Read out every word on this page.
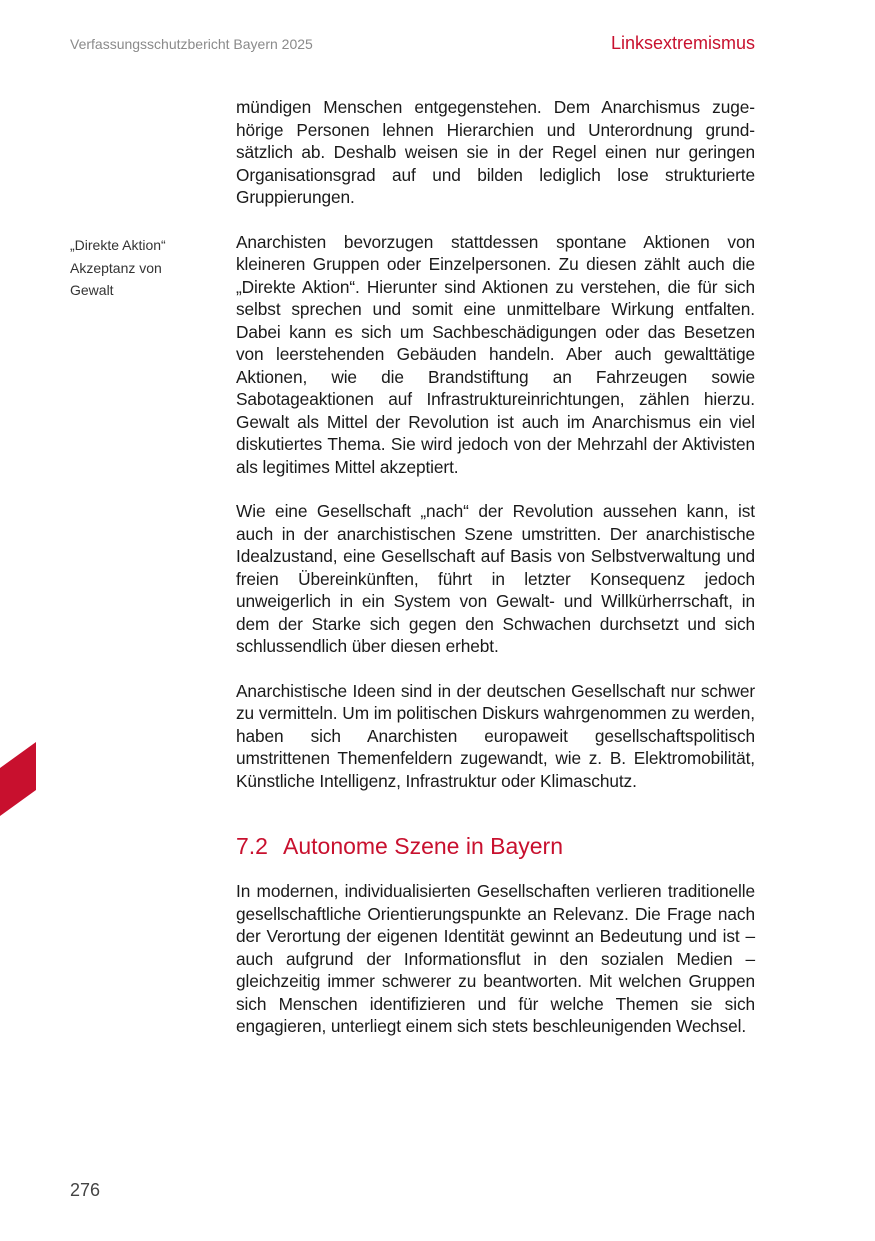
Verfassungsschutzbericht Bayern 2025	Linksextremismus
„Direkte Aktion“
Akzeptanz von
Gewalt

mündigen Menschen entgegenstehen. Dem Anarchismus zugehörige Personen lehnen Hierarchien und Unterordnung grundsätzlich ab. Deshalb weisen sie in der Regel einen nur geringen Organisationsgrad auf und bilden lediglich lose strukturierte Gruppierungen.

Anarchisten bevorzugen stattdessen spontane Aktionen von kleineren Gruppen oder Einzelpersonen. Zu diesen zählt auch die „Direkte Aktion“. Hierunter sind Aktionen zu verstehen, die für sich selbst sprechen und somit eine unmittelbare Wirkung entfalten. Dabei kann es sich um Sachbeschädigungen oder das Besetzen von leerstehenden Gebäuden handeln. Aber auch gewalttätige Aktionen, wie die Brandstiftung an Fahrzeugen sowie Sabotageaktionen auf Infrastruktureinrichtungen, zählen hierzu. Gewalt als Mittel der Revolution ist auch im Anarchismus ein viel diskutiertes Thema. Sie wird jedoch von der Mehrzahl der Aktivisten als legitimes Mittel akzeptiert.

Wie eine Gesellschaft „nach“ der Revolution aussehen kann, ist auch in der anarchistischen Szene umstritten. Der anarchistische Idealzustand, eine Gesellschaft auf Basis von Selbstverwaltung und freien Übereinkünften, führt in letzter Konsequenz jedoch unweigerlich in ein System von Gewalt- und Willkürherrschaft, in dem der Starke sich gegen den Schwachen durchsetzt und sich schlussendlich über diesen erhebt.

Anarchistische Ideen sind in der deutschen Gesellschaft nur schwer zu vermitteln. Um im politischen Diskurs wahrgenommen zu werden, haben sich Anarchisten europaweit gesellschaftspolitisch umstrittenen Themenfeldern zugewandt, wie z. B. Elektromobilität, Künstliche Intelligenz, Infrastruktur oder Klimaschutz.

7.2 Autonome Szene in Bayern

In modernen, individualisierten Gesellschaften verlieren traditionelle gesellschaftliche Orientierungspunkte an Relevanz. Die Frage nach der Verortung der eigenen Identität gewinnt an Bedeutung und ist – auch aufgrund der Informationsflut in den sozialen Medien – gleichzeitig immer schwerer zu beantworten. Mit welchen Gruppen sich Menschen identifizieren und für welche Themen sie sich engagieren, unterliegt einem sich stets beschleunigenden Wechsel.

276
